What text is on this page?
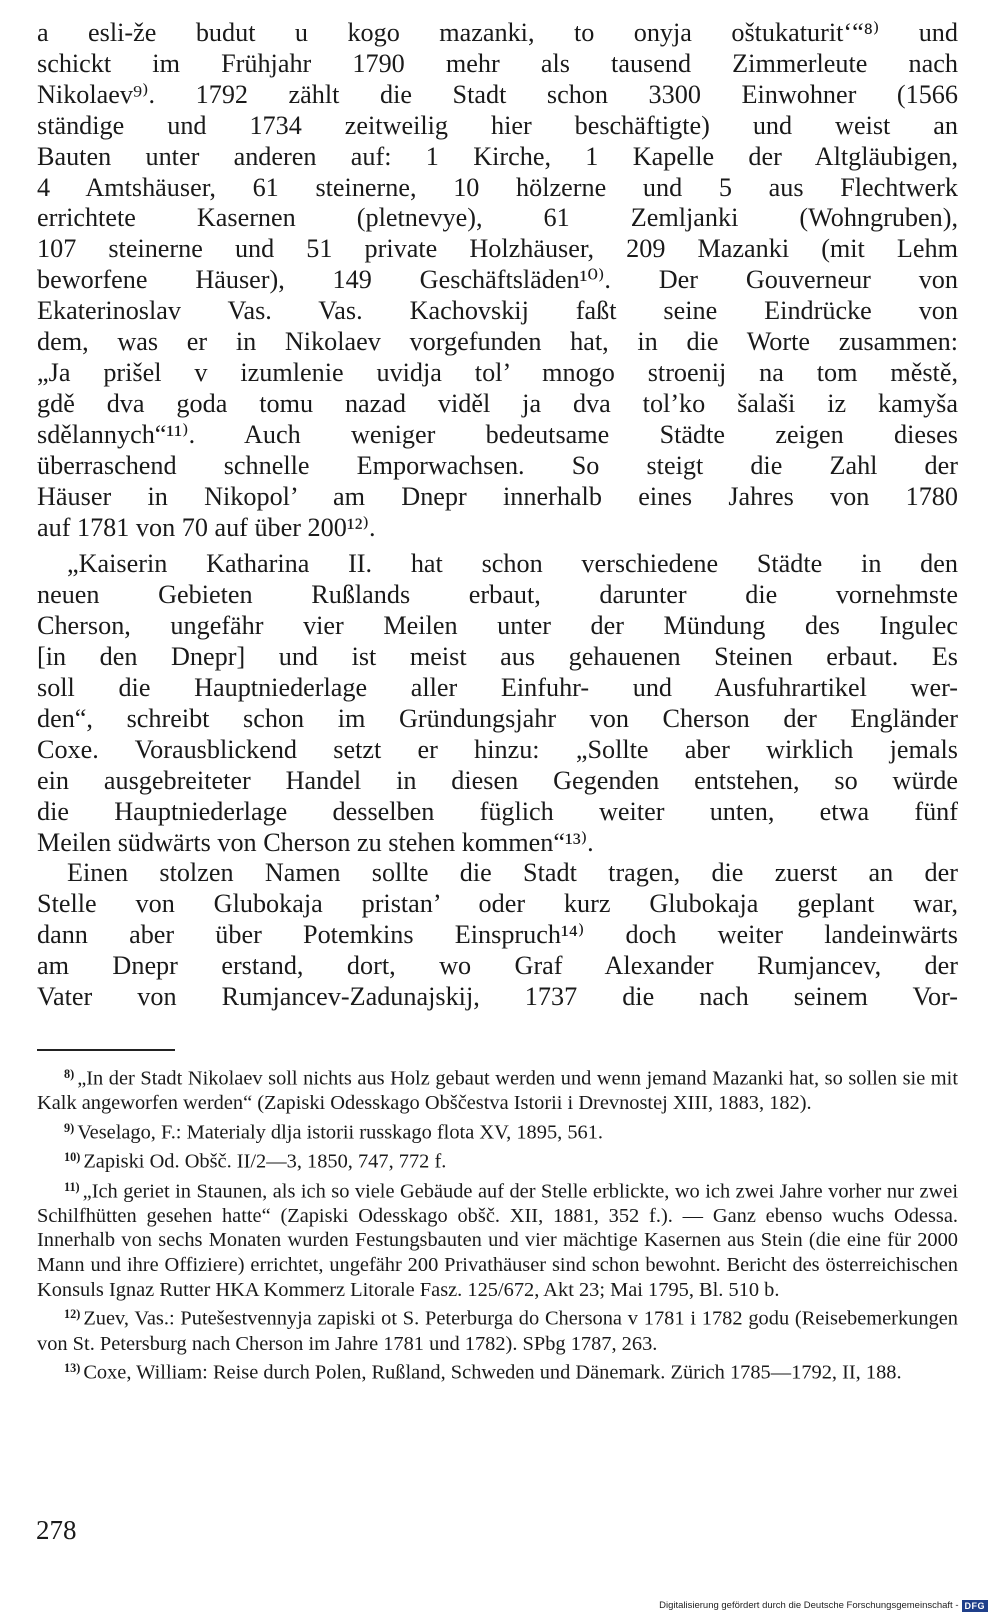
a esli-že budut u kogo mazanki, to onyja oštukaturit‘“⁸⁾ und
schickt im Frühjahr 1790 mehr als tausend Zimmerleute nach
Nikolaev⁹⁾. 1792 zählt die Stadt schon 3300 Einwohner (1566
ständige und 1734 zeitweilig hier beschäftigte) und weist an
Bauten unter anderen auf: 1 Kirche, 1 Kapelle der Altgläubigen,
4 Amtshäuser, 61 steinerne, 10 hölzerne und 5 aus Flechtwerk
errichtete Kasernen (pletnevye), 61 Zemljanki (Wohngruben),
107 steinerne und 51 private Holzhäuser, 209 Mazanki (mit Lehm
beworfene Häuser), 149 Geschäftsläden¹⁰⁾. Der Gouverneur von
Ekaterinoslav Vas. Vas. Kachovskij faßt seine Eindrücke von
dem, was er in Nikolaev vorgefunden hat, in die Worte zusammen:
„Ja prišel v izumlenie uvidja tol’ mnogo stroenij na tom městě,
gdě dva goda tomu nazad viděl ja dva tol’ko šalaši iz kamyša
sdělannych“¹¹⁾. Auch weniger bedeutsame Städte zeigen dieses
überraschend schnelle Emporwachsen. So steigt die Zahl der
Häuser in Nikopol’ am Dnepr innerhalb eines Jahres von 1780
auf 1781 von 70 auf über 200¹²⁾.
„Kaiserin Katharina II. hat schon verschiedene Städte in den
neuen Gebieten Rußlands erbaut, darunter die vornehmste
Cherson, ungefähr vier Meilen unter der Mündung des Ingulec
[in den Dnepr] und ist meist aus gehauenen Steinen erbaut. Es
soll die Hauptniederlage aller Einfuhr- und Ausfuhrartikel wer-
den“, schreibt schon im Gründungsjahr von Cherson der Engländer
Coxe. Vorausblickend setzt er hinzu: „Sollte aber wirklich jemals
ein ausgebreiteter Handel in diesen Gegenden entstehen, so würde
die Hauptniederlage desselben füglich weiter unten, etwa fünf
Meilen südwärts von Cherson zu stehen kommen“¹³⁾.
Einen stolzen Namen sollte die Stadt tragen, die zuerst an der
Stelle von Glubokaja pristan’ oder kurz Glubokaja geplant war,
dann aber über Potemkins Einspruch¹⁴⁾ doch weiter landeinwärts
am Dnepr erstand, dort, wo Graf Alexander Rumjancev, der
Vater von Rumjancev-Zadunajskij, 1737 die nach seinem Vor-

$^{8)}$ „In der Stadt Nikolaev soll nichts aus Holz gebaut werden und wenn jemand Mazanki hat, so sollen sie mit Kalk angeworfen werden“ (Zapiski Odesskago Obščestva Istorii i Drevnostej XIII, 1883, 182).

$^{9)}$ Veselago, F.: Materialy dlja istorii russkago flota XV, 1895, 561.

$^{10)}$ Zapiski Od. Obšč. II/2—3, 1850, 747, 772 f.

$^{11)}$ „Ich geriet in Staunen, als ich so viele Gebäude auf der Stelle erblickte, wo ich zwei Jahre vorher nur zwei Schilfhütten gesehen hatte“ (Zapiski Odesskago obšč. XII, 1881, 352 f.). — Ganz ebenso wuchs Odessa. Innerhalb von sechs Monaten wurden Festungsbauten und vier mächtige Kasernen aus Stein (die eine für 2000 Mann und ihre Offiziere) errichtet, ungefähr 200 Privathäuser sind schon bewohnt. Bericht des österreichischen Konsuls Ignaz Rutter HKA Kommerz Litorale Fasz. 125/672, Akt 23; Mai 1795, Bl. 510 b.

$^{12)}$ Zuev, Vas.: Putešestvennyja zapiski ot S. Peterburga do Chersona v 1781 i 1782 godu (Reisebemerkungen von St. Petersburg nach Cherson im Jahre 1781 und 1782). SPbg 1787, 263.

$^{13)}$ Coxe, William: Reise durch Polen, Rußland, Schweden und Dänemark. Zürich 1785—1792, II, 188.

278
Digitalisierung gefördert durch die Deutsche Forschungsgemeinschaft - DFG
